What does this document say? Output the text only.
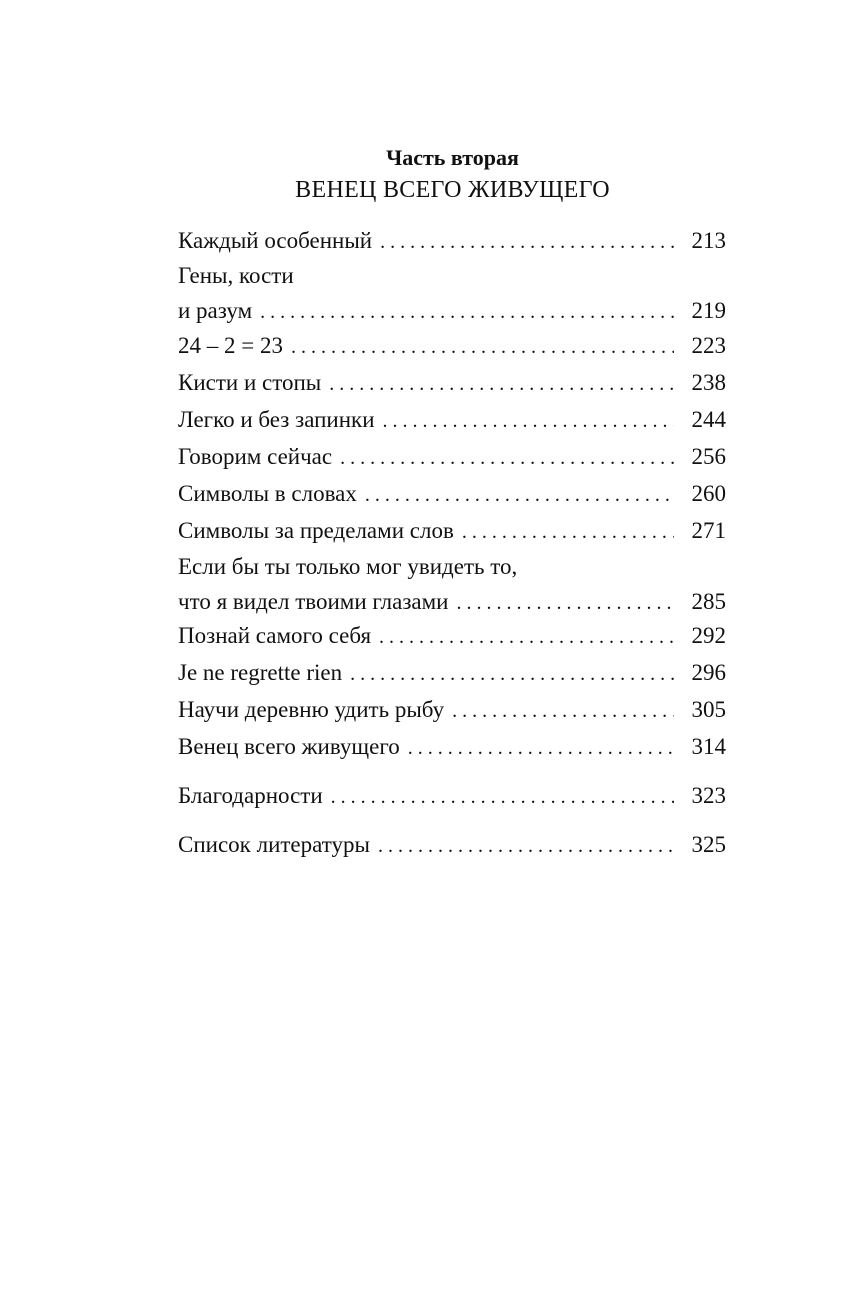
Часть вторая
ВЕНЕЦ ВСЕГО ЖИВУЩЕГО
Каждый особенный . . .	213
Гены, кости
и разум . . .	219
24 – 2 = 23 . . .	223
Кисти и стопы . . .	238
Легко и без запинки . . .	244
Говорим сейчас . . .	256
Символы в словах . . .	260
Символы за пределами слов . . .	271
Если бы ты только мог увидеть то,
что я видел твоими глазами . . .	285
Познай самого себя . . .	292
Je ne regrette rien . . .	296
Научи деревню удить рыбу . . .	305
Венец всего живущего . . .	314
Благодарности . . .	323
Список литературы . . .	325
